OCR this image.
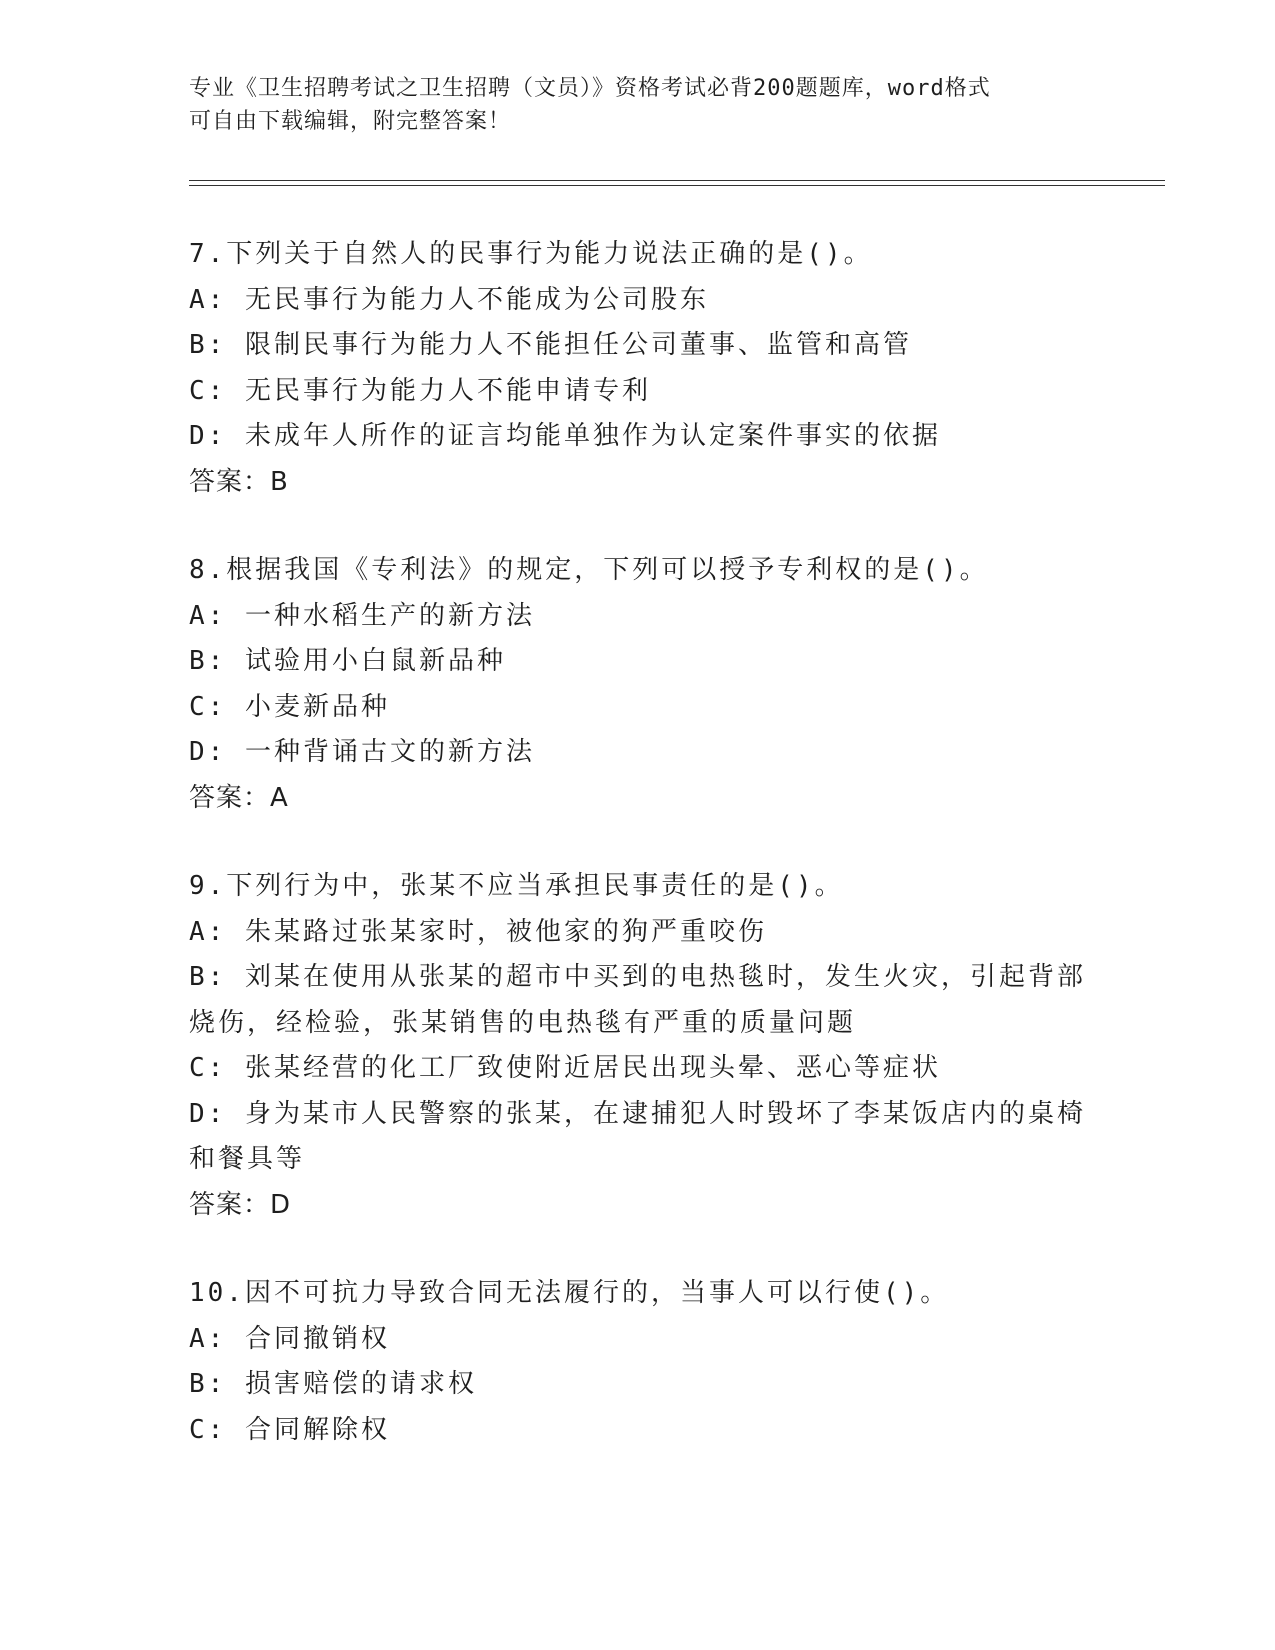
专业《卫生招聘考试之卫生招聘（文员）》资格考试必背200题题库，word格式
可自由下载编辑，附完整答案！
7.下列关于自然人的民事行为能力说法正确的是()。
A: 无民事行为能力人不能成为公司股东
B: 限制民事行为能力人不能担任公司董事、监管和高管
C: 无民事行为能力人不能申请专利
D: 未成年人所作的证言均能单独作为认定案件事实的依据
答案：B
8.根据我国《专利法》的规定，下列可以授予专利权的是()。
A: 一种水稻生产的新方法
B: 试验用小白鼠新品种
C: 小麦新品种
D: 一种背诵古文的新方法
答案：A
9.下列行为中，张某不应当承担民事责任的是()。
A: 朱某路过张某家时，被他家的狗严重咬伤
B: 刘某在使用从张某的超市中买到的电热毯时，发生火灾，引起背部烧伤，经检验，张某销售的电热毯有严重的质量问题
C: 张某经营的化工厂致使附近居民出现头晕、恶心等症状
D: 身为某市人民警察的张某，在逮捕犯人时毁坏了李某饭店内的桌椅和餐具等
答案：D
10.因不可抗力导致合同无法履行的，当事人可以行使()。
A: 合同撤销权
B: 损害赔偿的请求权
C: 合同解除权
